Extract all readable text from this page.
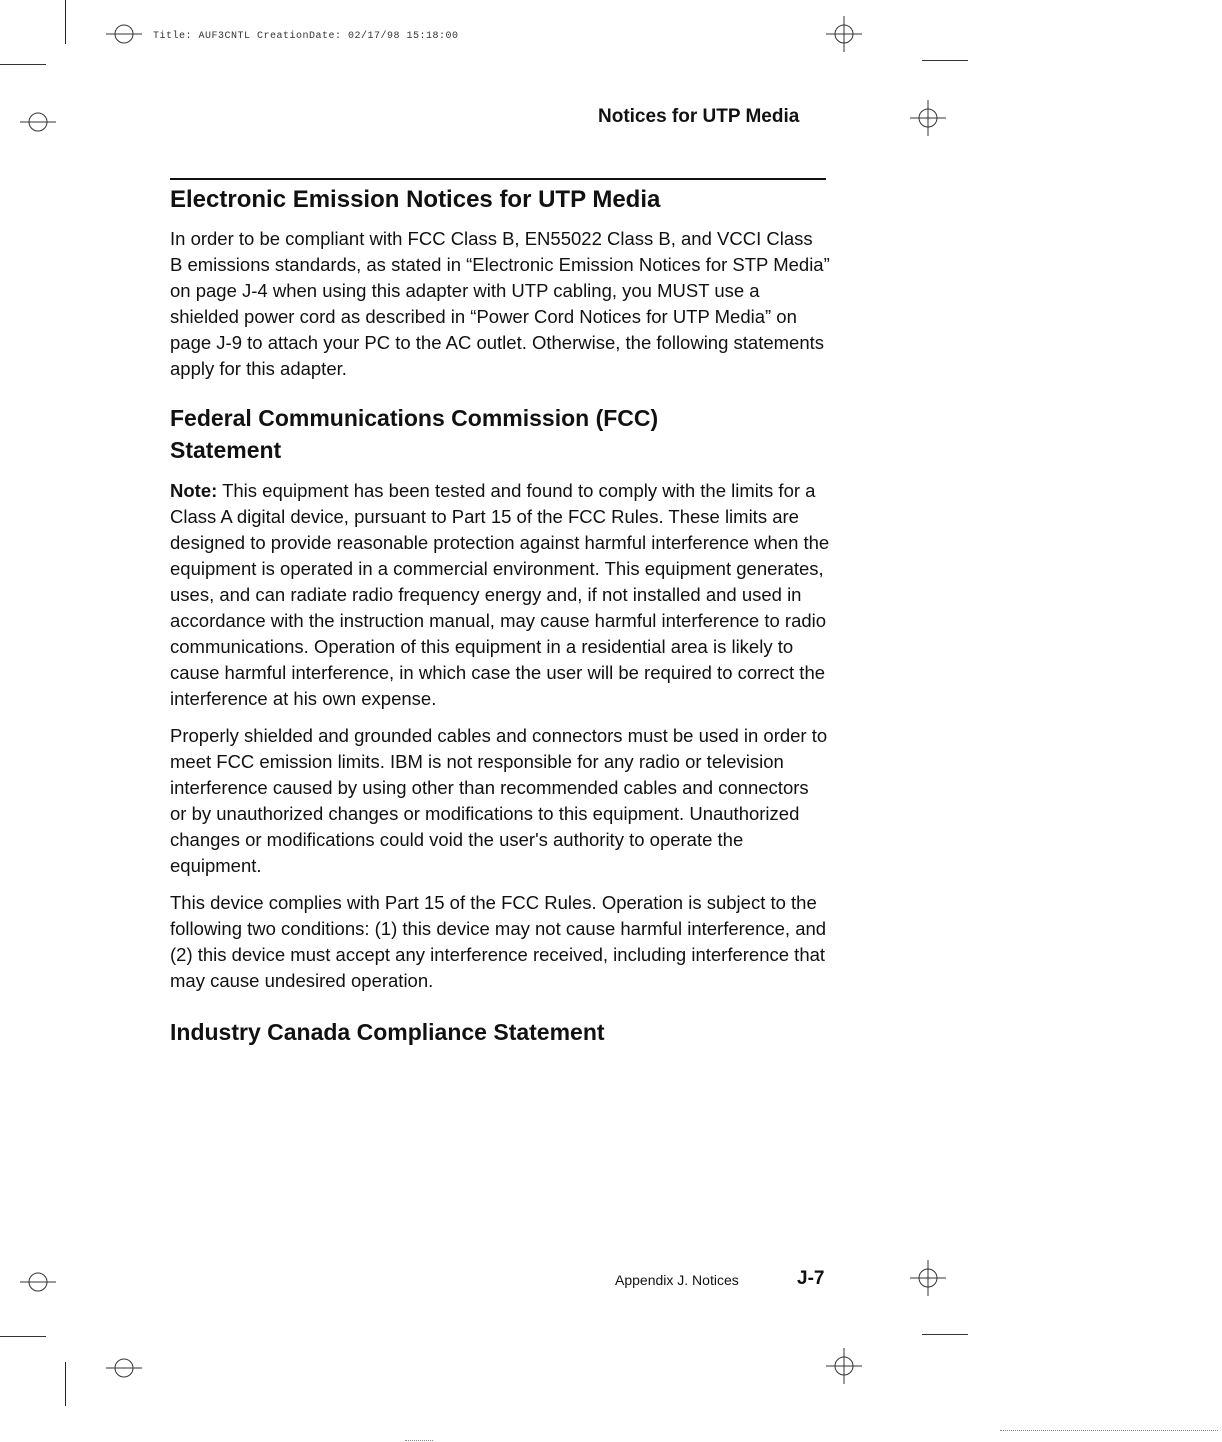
Title: AUF3CNTL CreationDate: 02/17/98 15:18:00
Notices for UTP Media
Electronic Emission Notices for UTP Media

In order to be compliant with FCC Class B, EN55022 Class B, and VCCI Class B emissions standards, as stated in “Electronic Emission Notices for STP Media” on page J-4 when using this adapter with UTP cabling, you MUST use a shielded power cord as described in “Power Cord Notices for UTP Media” on page J-9 to attach your PC to the AC outlet. Otherwise, the following statements apply for this adapter.

Federal Communications Commission (FCC) Statement

Note: This equipment has been tested and found to comply with the limits for a Class A digital device, pursuant to Part 15 of the FCC Rules. These limits are designed to provide reasonable protection against harmful interference when the equipment is operated in a commercial environment. This equipment generates, uses, and can radiate radio frequency energy and, if not installed and used in accordance with the instruction manual, may cause harmful interference to radio communications. Operation of this equipment in a residential area is likely to cause harmful interference, in which case the user will be required to correct the interference at his own expense.

Properly shielded and grounded cables and connectors must be used in order to meet FCC emission limits. IBM is not responsible for any radio or television interference caused by using other than recommended cables and connectors or by unauthorized changes or modifications to this equipment. Unauthorized changes or modifications could void the user's authority to operate the equipment.

This device complies with Part 15 of the FCC Rules. Operation is subject to the following two conditions: (1) this device may not cause harmful interference, and (2) this device must accept any interference received, including interference that may cause undesired operation.

Industry Canada Compliance Statement
Appendix J. Notices	J-7
